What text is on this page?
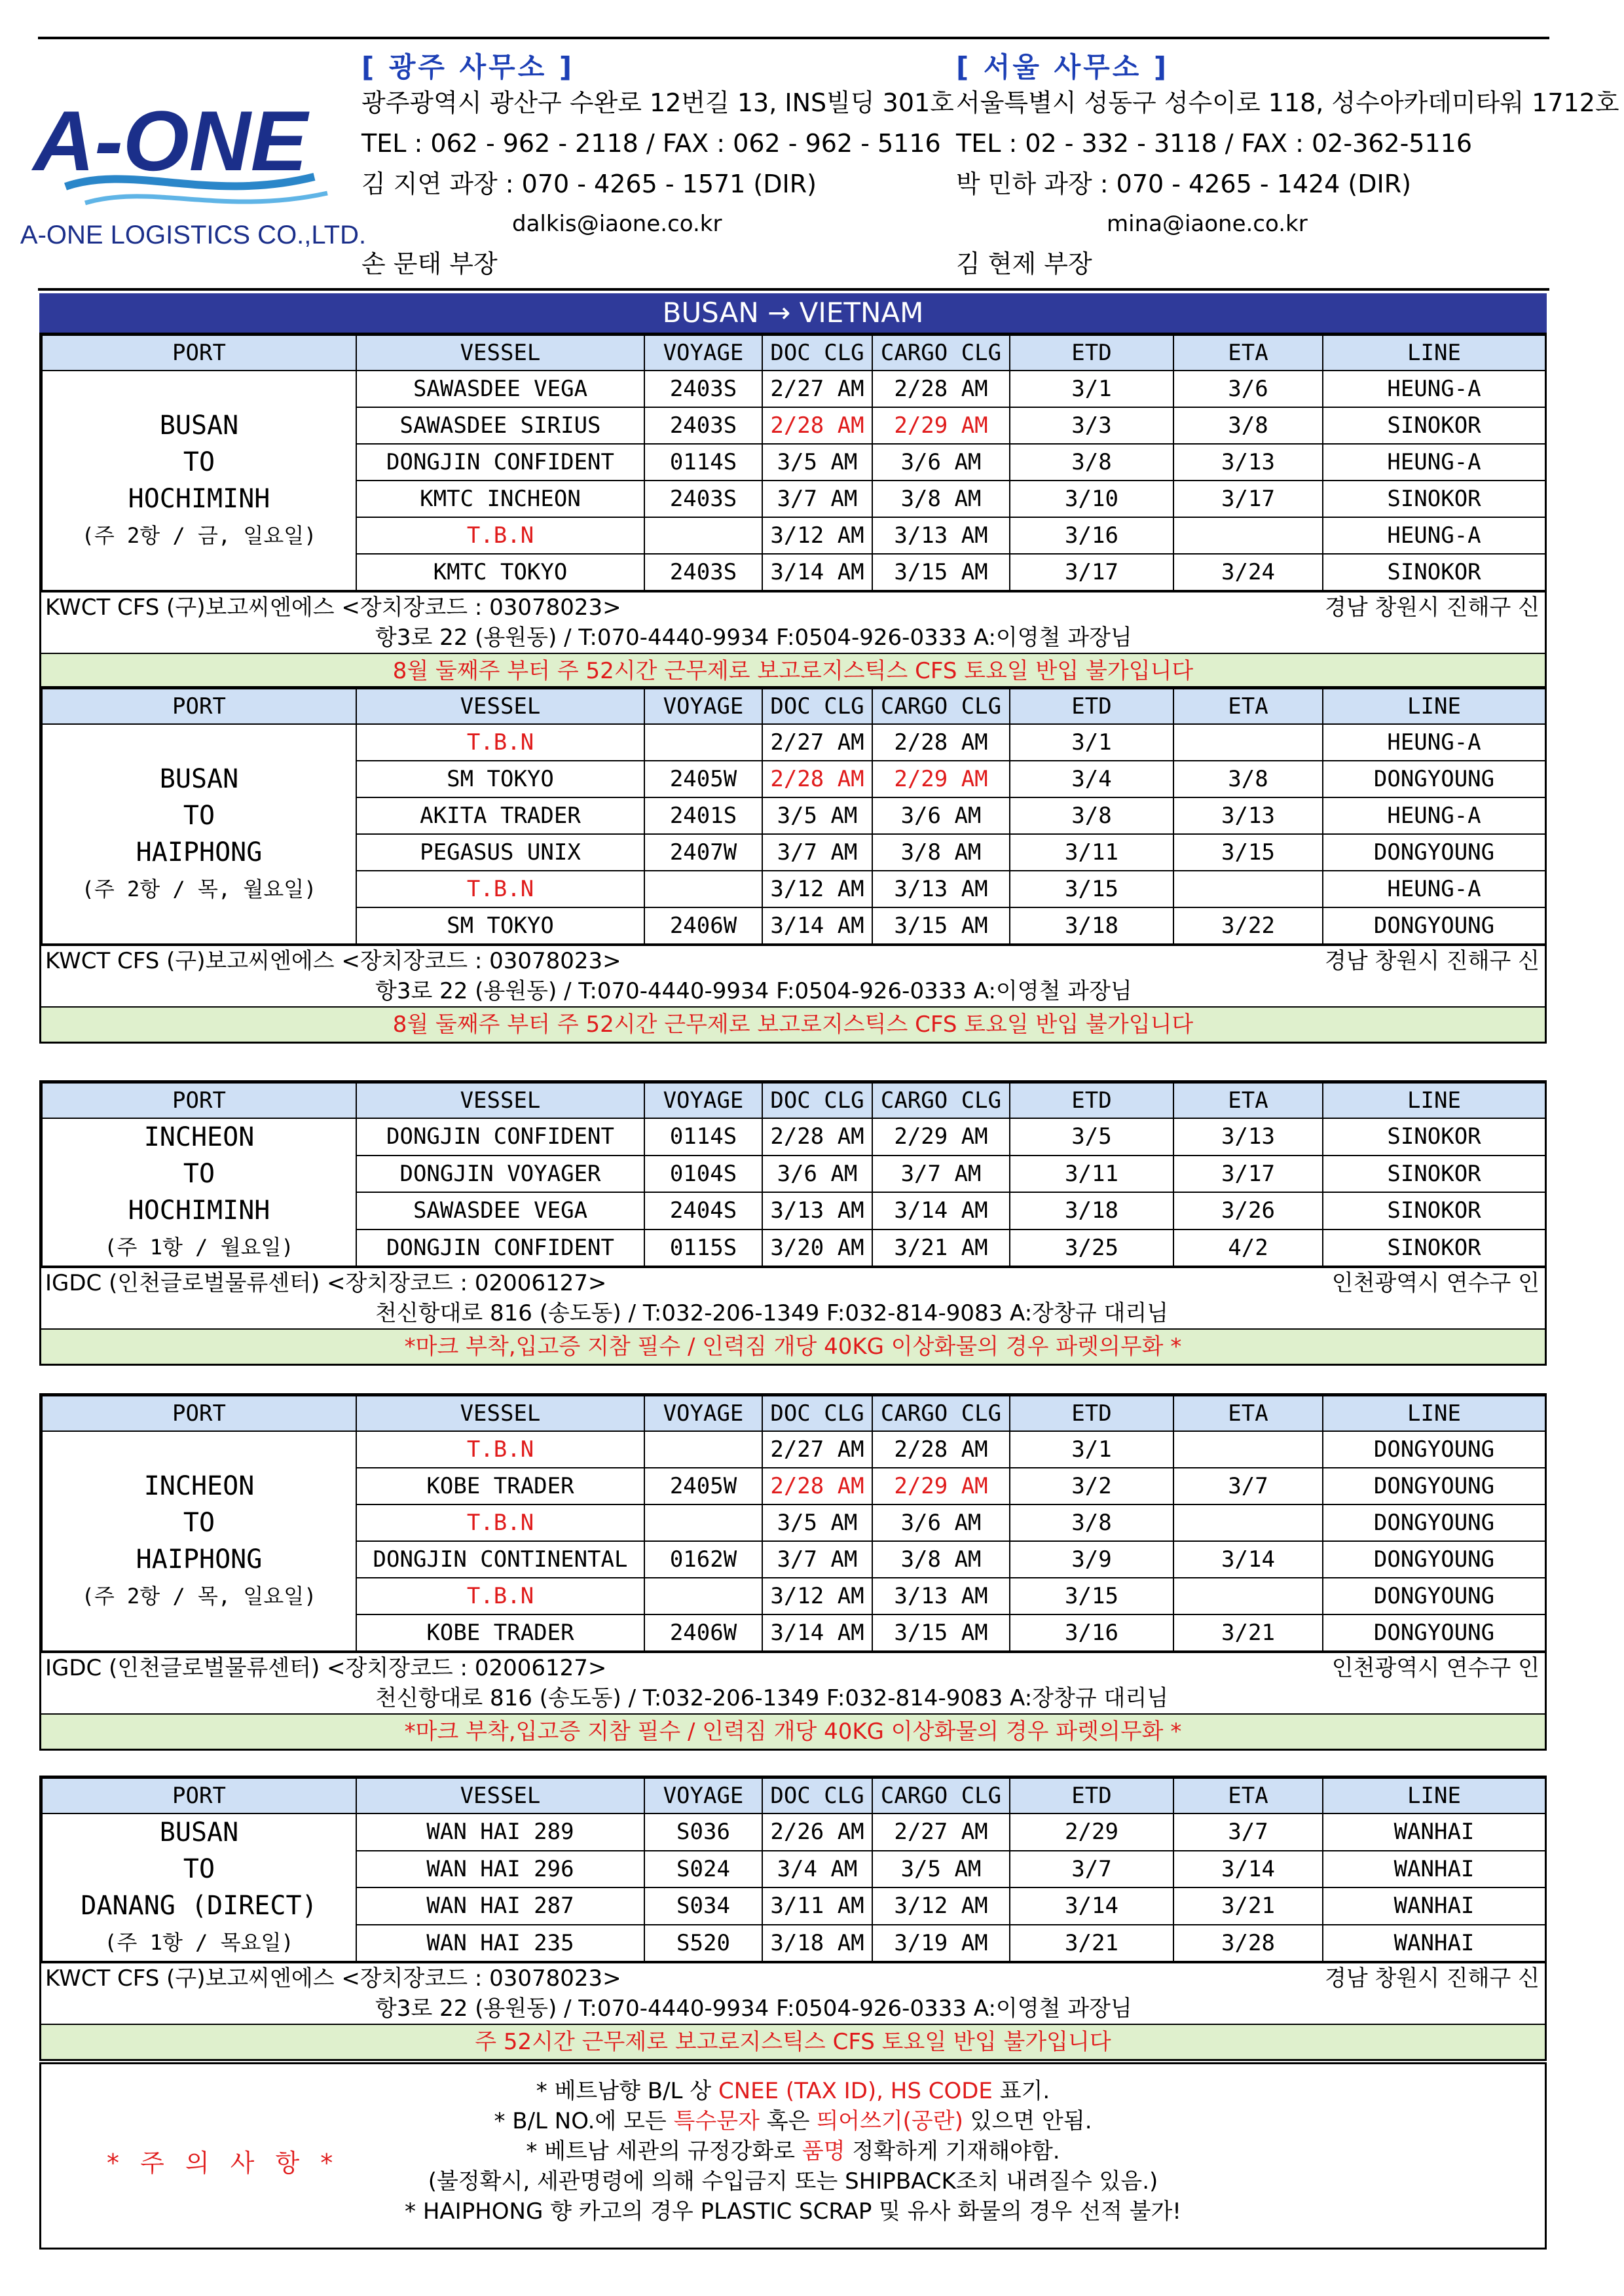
A-ONE
A-ONE LOGISTICS CO.,LTD.
[ 광주 사무소 ]
광주광역시 광산구 수완로 12번길 13, INS빌딩 301호
TEL : 062 - 962 - 2118 / FAX : 062 - 962 - 5116
김 지연 과장 : 070 - 4265 - 1571 (DIR)
dalkis@iaone.co.kr
손 문태 부장
[ 서울 사무소 ]
서울특별시 성동구 성수이로 118, 성수아카데미타워 1712호
TEL : 02 - 332 - 3118 / FAX : 02-362-5116
박 민하 과장 : 070 - 4265 - 1424 (DIR)
mina@iaone.co.kr
김 현제 부장
BUSAN → VIETNAM
PORT	VESSEL	VOYAGE	DOC CLG	CARGO CLG	ETD	ETA	LINE

BUSAN
TO
HOCHIMINH
(주 2항 / 금, 일요일)	SAWASDEE VEGA	2403S	2/27 AM	2/28 AM	3/1	3/6	HEUNG-A
	SAWASDEE SIRIUS	2403S	2/28 AM	2/29 AM	3/3	3/8	SINOKOR
	DONGJIN CONFIDENT	0114S	3/5 AM	3/6 AM	3/8	3/13	HEUNG-A
	KMTC INCHEON	2403S	3/7 AM	3/8 AM	3/10	3/17	SINOKOR
	T.B.N		3/12 AM	3/13 AM	3/16		HEUNG-A
	KMTC TOKYO	2403S	3/14 AM	3/15 AM	3/17	3/24	SINOKOR
KWCT CFS (구)보고씨엔에스 <장치장코드 : 03078023>	경남 창원시 진해구 신
항3로 22 (용원동) / T:070-4440-9934 F:0504-926-0333 A:이영철 과장님
8월 둘째주 부터 주 52시간 근무제로 보고로지스틱스 CFS 토요일 반입 불가입니다
PORT	VESSEL	VOYAGE	DOC CLG	CARGO CLG	ETD	ETA	LINE

BUSAN
TO
HAIPHONG
(주 2항 / 목, 월요일)	T.B.N		2/27 AM	2/28 AM	3/1		HEUNG-A
	SM TOKYO	2405W	2/28 AM	2/29 AM	3/4	3/8	DONGYOUNG
	AKITA TRADER	2401S	3/5 AM	3/6 AM	3/8	3/13	HEUNG-A
	PEGASUS UNIX	2407W	3/7 AM	3/8 AM	3/11	3/15	DONGYOUNG
	T.B.N		3/12 AM	3/13 AM	3/15		HEUNG-A
	SM TOKYO	2406W	3/14 AM	3/15 AM	3/18	3/22	DONGYOUNG
KWCT CFS (구)보고씨엔에스 <장치장코드 : 03078023>	경남 창원시 진해구 신
항3로 22 (용원동) / T:070-4440-9934 F:0504-926-0333 A:이영철 과장님
8월 둘째주 부터 주 52시간 근무제로 보고로지스틱스 CFS 토요일 반입 불가입니다
PORT	VESSEL	VOYAGE	DOC CLG	CARGO CLG	ETD	ETA	LINE

INCHEON
TO
HOCHIMINH
(주 1항 / 월요일)	DONGJIN CONFIDENT	0114S	2/28 AM	2/29 AM	3/5	3/13	SINOKOR
	DONGJIN VOYAGER	0104S	3/6 AM	3/7 AM	3/11	3/17	SINOKOR
	SAWASDEE VEGA	2404S	3/13 AM	3/14 AM	3/18	3/26	SINOKOR
	DONGJIN CONFIDENT	0115S	3/20 AM	3/21 AM	3/25	4/2	SINOKOR
IGDC (인천글로벌물류센터) <장치장코드 : 02006127>	인천광역시 연수구 인
천신항대로 816 (송도동) / T:032-206-1349 F:032-814-9083 A:장창규 대리님
*마크 부착,입고증 지참 필수 / 인력짐 개당 40KG 이상화물의 경우 파렛의무화 *
PORT	VESSEL	VOYAGE	DOC CLG	CARGO CLG	ETD	ETA	LINE

INCHEON
TO
HAIPHONG
(주 2항 / 목, 일요일)	T.B.N		2/27 AM	2/28 AM	3/1		DONGYOUNG
	KOBE TRADER	2405W	2/28 AM	2/29 AM	3/2	3/7	DONGYOUNG
	T.B.N		3/5 AM	3/6 AM	3/8		DONGYOUNG
	DONGJIN CONTINENTAL	0162W	3/7 AM	3/8 AM	3/9	3/14	DONGYOUNG
	T.B.N		3/12 AM	3/13 AM	3/15		DONGYOUNG
	KOBE TRADER	2406W	3/14 AM	3/15 AM	3/16	3/21	DONGYOUNG
IGDC (인천글로벌물류센터) <장치장코드 : 02006127>	인천광역시 연수구 인
천신항대로 816 (송도동) / T:032-206-1349 F:032-814-9083 A:장창규 대리님
*마크 부착,입고증 지참 필수 / 인력짐 개당 40KG 이상화물의 경우 파렛의무화 *
PORT	VESSEL	VOYAGE	DOC CLG	CARGO CLG	ETD	ETA	LINE

BUSAN
TO
DANANG (DIRECT)
(주 1항 / 목요일)	WAN HAI 289	S036	2/26 AM	2/27 AM	2/29	3/7	WANHAI
	WAN HAI 296	S024	3/4 AM	3/5 AM	3/7	3/14	WANHAI
	WAN HAI 287	S034	3/11 AM	3/12 AM	3/14	3/21	WANHAI
	WAN HAI 235	S520	3/18 AM	3/19 AM	3/21	3/28	WANHAI
KWCT CFS (구)보고씨엔에스 <장치장코드 : 03078023>	경남 창원시 진해구 신
항3로 22 (용원동) / T:070-4440-9934 F:0504-926-0333 A:이영철 과장님
주 52시간 근무제로 보고로지스틱스 CFS 토요일 반입 불가입니다
* 주 의 사 항 *
* 베트남향 B/L 상 CNEE (TAX ID), HS CODE 표기.
* B/L NO.에 모든 특수문자 혹은 띄어쓰기(공란) 있으면 안됨.
* 베트남 세관의 규정강화로 품명 정확하게 기재해야함.
(불정확시, 세관명령에 의해 수입금지 또는 SHIPBACK조치 내려질수 있음.)
* HAIPHONG 향 카고의 경우 PLASTIC SCRAP 및 유사 화물의 경우 선적 불가!
